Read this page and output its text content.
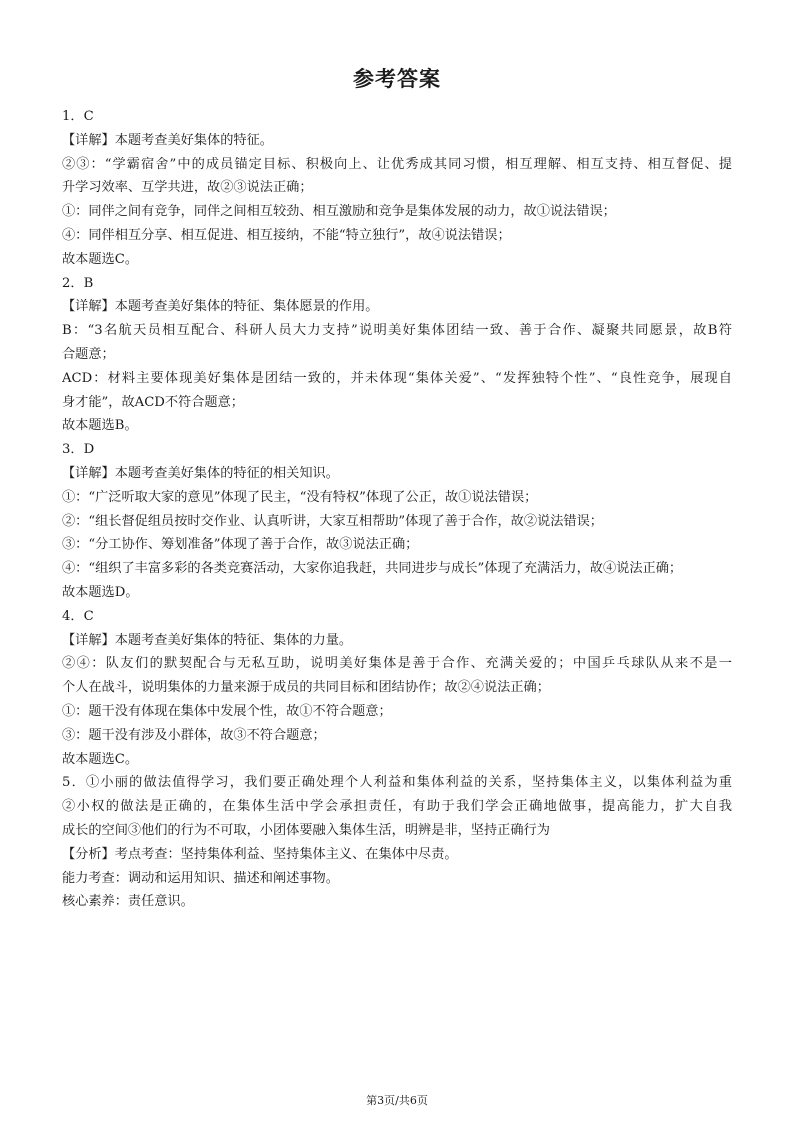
参考答案
1．C
【详解】本题考查美好集体的特征。
②③：“学霸宿舍”中的成员锚定目标、积极向上、让优秀成其同习惯，相互理解、相互支持、相互督促、提
升学习效率、互学共进，故②③说法正确；
①：同伴之间有竞争，同伴之间相互较劲、相互激励和竞争是集体发展的动力，故①说法错误；
④：同伴相互分享、相互促进、相互接纳，不能“特立独行”，故④说法错误；
故本题选C。
2．B
【详解】本题考查美好集体的特征、集体愿景的作用。
B：“3名航天员相互配合、科研人员大力支持”说明美好集体团结一致、善于合作、凝聚共同愿景，故B符
合题意；
ACD：材料主要体现美好集体是团结一致的，并未体现“集体关爱”、“发挥独特个性”、“良性竞争，展现自
身才能”，故ACD不符合题意；
故本题选B。
3．D
【详解】本题考查美好集体的特征的相关知识。
①：“广泛听取大家的意见”体现了民主，“没有特权”体现了公正，故①说法错误；
②：“组长督促组员按时交作业、认真听讲，大家互相帮助”体现了善于合作，故②说法错误；
③：“分工协作、筹划准备”体现了善于合作，故③说法正确；
④：“组织了丰富多彩的各类竞赛活动，大家你追我赶，共同进步与成长”体现了充满活力，故④说法正确；
故本题选D。
4．C
【详解】本题考查美好集体的特征、集体的力量。
②④：队友们的默契配合与无私互助，说明美好集体是善于合作、充满关爱的；中国乒乓球队从来不是一
个人在战斗，说明集体的力量来源于成员的共同目标和团结协作；故②④说法正确；
①：题干没有体现在集体中发展个性，故①不符合题意；
③：题干没有涉及小群体，故③不符合题意；
故本题选C。
5．①小丽的做法值得学习，我们要正确处理个人利益和集体利益的关系，坚持集体主义，以集体利益为重
②小权的做法是正确的，在集体生活中学会承担责任，有助于我们学会正确地做事，提高能力，扩大自我
成长的空间③他们的行为不可取，小团体要融入集体生活，明辨是非，坚持正确行为
【分析】考点考查：坚持集体利益、坚持集体主义、在集体中尽责。
能力考查：调动和运用知识、描述和阐述事物。
核心素养：责任意识。
第3页/共6页
